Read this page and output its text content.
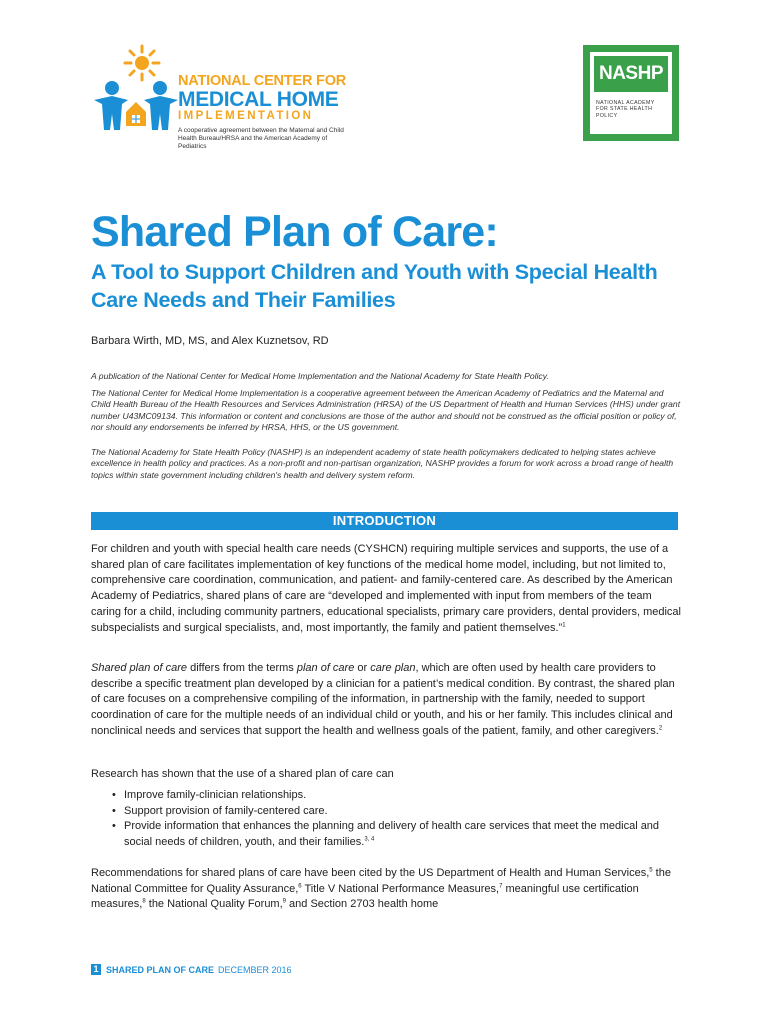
NATIONAL CENTER FOR
MEDICAL HOME
IMPLEMENTATION
A cooperative agreement between the Maternal and Child Health Bureau/HRSA and the American Academy of Pediatrics
NASHP
NATIONAL ACADEMY FOR STATE HEALTH POLICY
Shared Plan of Care:
A Tool to Support Children and Youth with Special Health Care Needs and Their Families
Barbara Wirth, MD, MS, and Alex Kuznetsov, RD
A publication of the National Center for Medical Home Implementation and the National Academy for State Health Policy.
The National Center for Medical Home Implementation is a cooperative agreement between the American Academy of Pediatrics and the Maternal and Child Health Bureau of the Health Resources and Services Administration (HRSA) of the US Department of Health and Human Services (HHS) under grant number U43MC09134. This information or content and conclusions are those of the author and should not be construed as the official position or policy of, nor should any endorsements be inferred by HRSA, HHS, or the US government.
The National Academy for State Health Policy (NASHP) is an independent academy of state health policymakers dedicated to helping states achieve excellence in health policy and practices. As a non-profit and non-partisan organization, NASHP provides a forum for work across a broad range of health topics within state government including children's health and delivery system reform.
INTRODUCTION
For children and youth with special health care needs (CYSHCN) requiring multiple services and supports, the use of a shared plan of care facilitates implementation of key functions of the medical home model, including, but not limited to, comprehensive care coordination, communication, and patient- and family-centered care. As described by the American Academy of Pediatrics, shared plans of care are “developed and implemented with input from members of the team caring for a child, including community partners, educational specialists, primary care providers, dental providers, medical subspecialists and surgical specialists, and, most importantly, the family and patient themselves.”$^1$
Shared plan of care differs from the terms plan of care or care plan, which are often used by health care providers to describe a specific treatment plan developed by a clinician for a patient’s medical condition. By contrast, the shared plan of care focuses on a comprehensive compiling of the information, in partnership with the family, needed to support coordination of care for the multiple needs of an individual child or youth, and his or her family. This includes clinical and nonclinical needs and services that support the health and wellness goals of the patient, family, and other caregivers.$^2$
Research has shown that the use of a shared plan of care can
• Improve family-clinician relationships.
• Support provision of family-centered care.
• Provide information that enhances the planning and delivery of health care services that meet the medical and social needs of children, youth, and their families.$^{3, 4}$
Recommendations for shared plans of care have been cited by the US Department of Health and Human Services,$^5$ the National Committee for Quality Assurance,$^6$ Title V National Performance Measures,$^7$ meaningful use certification measures,$^8$ the National Quality Forum,$^9$ and Section 2703 health home
1 SHARED PLAN OF CARE DECEMBER 2016
